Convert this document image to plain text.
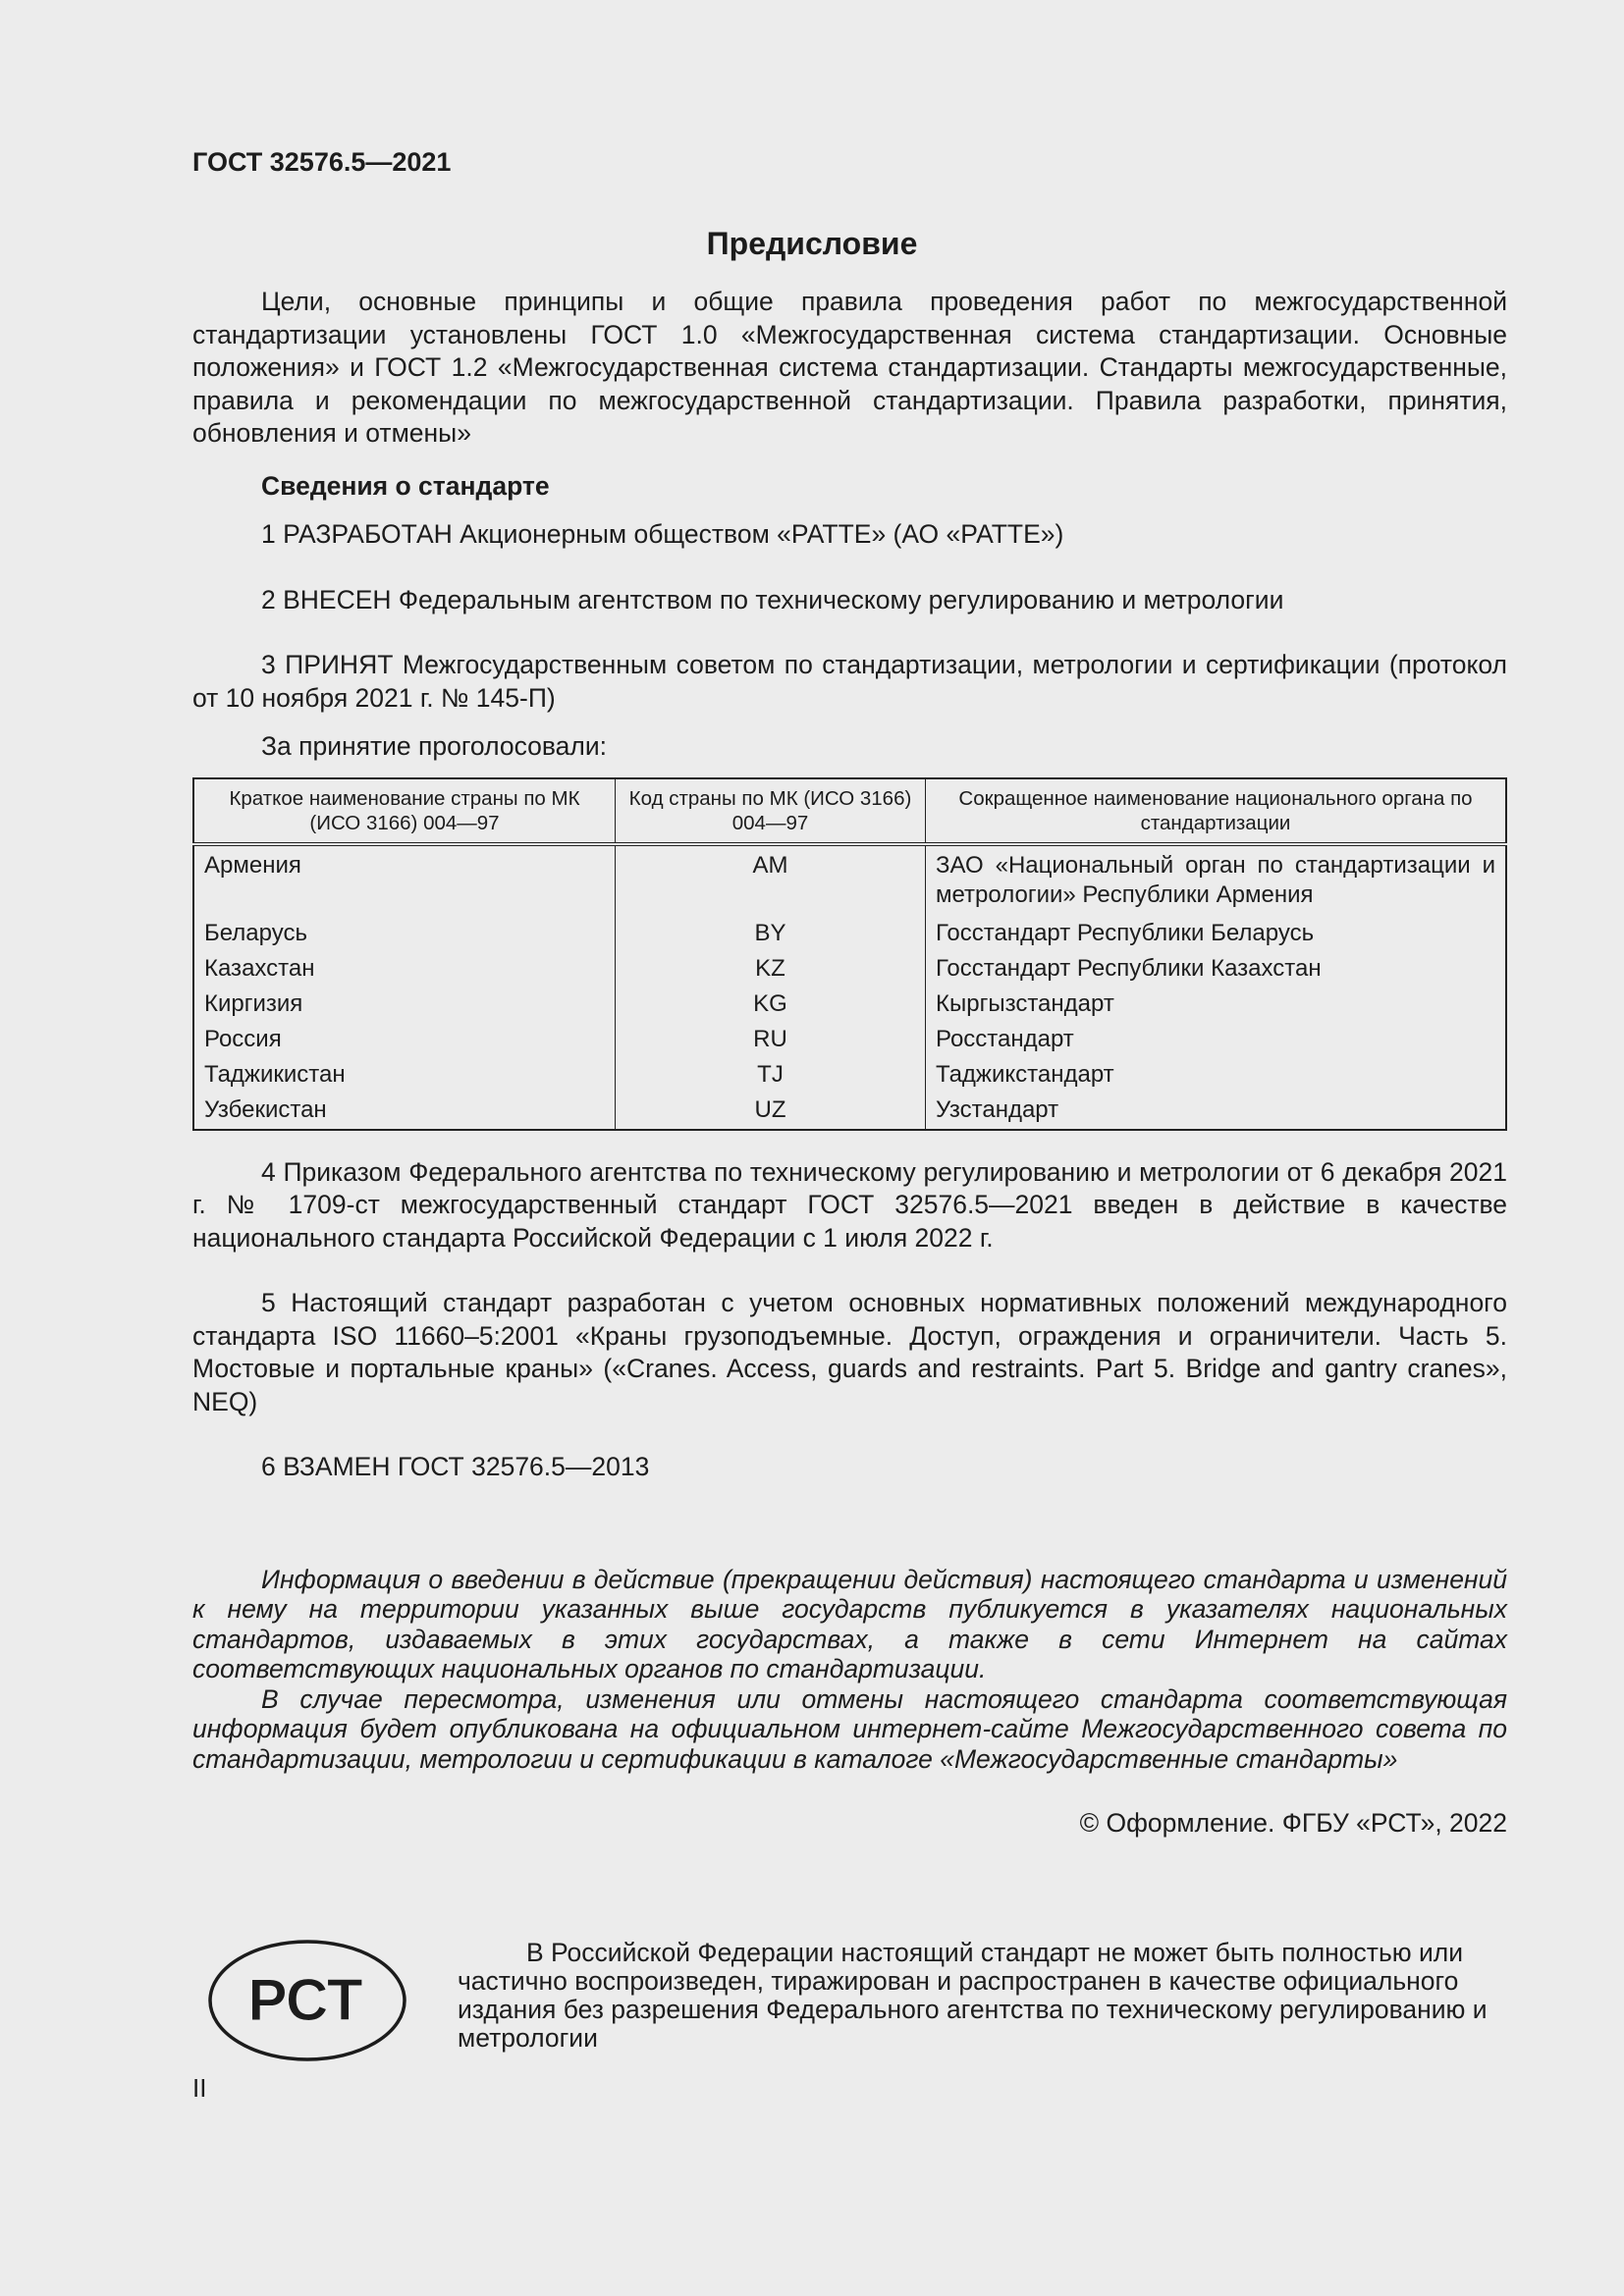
ГОСТ 32576.5—2021
Предисловие

Цели, основные принципы и общие правила проведения работ по межгосударственной стандартизации установлены ГОСТ 1.0 «Межгосударственная система стандартизации. Основные положения» и ГОСТ 1.2 «Межгосударственная система стандартизации. Стандарты межгосударственные, правила и рекомендации по межгосударственной стандартизации. Правила разработки, принятия, обновления и отмены»

Сведения о стандарте

1 РАЗРАБОТАН Акционерным обществом «РАТТЕ» (АО «РАТТЕ»)

2 ВНЕСЕН Федеральным агентством по техническому регулированию и метрологии

3 ПРИНЯТ Межгосударственным советом по стандартизации, метрологии и сертификации (протокол от 10 ноября 2021 г. № 145-П)

За принятие проголосовали:

Краткое наименование страны по МК (ИСО 3166) 004—97	Код страны по МК (ИСО 3166) 004—97	Сокращенное наименование национального органа по стандартизации
Армения	AM	ЗАО «Национальный орган по стандартизации и метрологии» Республики Армения
Беларусь	BY	Госстандарт Республики Беларусь
Казахстан	KZ	Госстандарт Республики Казахстан
Киргизия	KG	Кыргызстандарт
Россия	RU	Росстандарт
Таджикистан	TJ	Таджикстандарт
Узбекистан	UZ	Узстандарт

4 Приказом Федерального агентства по техническому регулированию и метрологии от 6 декабря 2021 г. № 1709-ст межгосударственный стандарт ГОСТ 32576.5—2021 введен в действие в качестве национального стандарта Российской Федерации с 1 июля 2022 г.

5 Настоящий стандарт разработан с учетом основных нормативных положений международного стандарта ISO 11660–5:2001 «Краны грузоподъемные. Доступ, ограждения и ограничители. Часть 5. Мостовые и портальные краны» («Cranes. Access, guards and restraints. Part 5. Bridge and gantry cranes», NEQ)

6 ВЗАМЕН ГОСТ 32576.5—2013

Информация о введении в действие (прекращении действия) настоящего стандарта и изменений к нему на территории указанных выше государств публикуется в указателях национальных стандартов, издаваемых в этих государствах, а также в сети Интернет на сайтах соответствующих национальных органов по стандартизации.

В случае пересмотра, изменения или отмены настоящего стандарта соответствующая информация будет опубликована на официальном интернет-сайте Межгосударственного совета по стандартизации, метрологии и сертификации в каталоге «Межгосударственные стандарты»

© Оформление. ФГБУ «РСТ», 2022

РСТ
В Российской Федерации настоящий стандарт не может быть полностью или частично воспроизведен, тиражирован и распространен в качестве официального издания без разрешения Федерального агентства по техническому регулированию и метрологии
II
